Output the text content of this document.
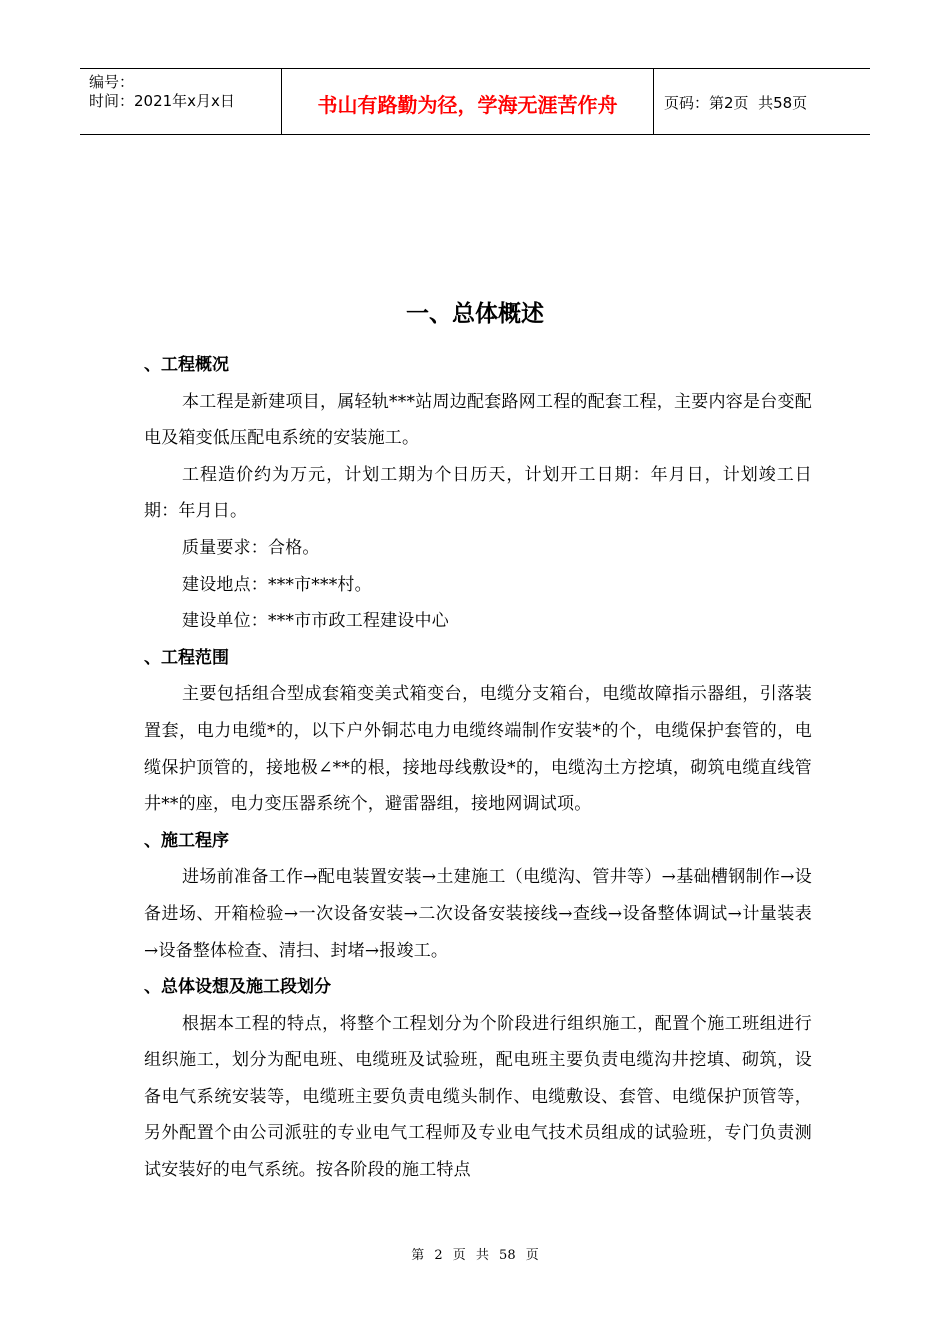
编号：
时间：2021年x月x日	书山有路勤为径，学海无涯苦作舟	页码：第2页  共58页
一、总体概述

、工程概况

本工程是新建项目，属轻轨***站周边配套路网工程的配套工程，主要内容是台变配电及箱变低压配电系统的安装施工。

工程造价约为万元，计划工期为个日历天，计划开工日期：年月日，计划竣工日期：年月日。

质量要求：合格。

建设地点：***市***村。

建设单位：***市市政工程建设中心

、工程范围

主要包括组合型成套箱变美式箱变台，电缆分支箱台，电缆故障指示器组，引落装置套，电力电缆*的，以下户外铜芯电力电缆终端制作安装*的个，电缆保护套管的，电缆保护顶管的，接地极∠**的根，接地母线敷设*的，电缆沟土方挖填，砌筑电缆直线管井**的座，电力变压器系统个，避雷器组，接地网调试项。

、施工程序

进场前准备工作→配电装置安装→土建施工（电缆沟、管井等）→基础槽钢制作→设备进场、开箱检验→一次设备安装→二次设备安装接线→查线→设备整体调试→计量装表→设备整体检查、清扫、封堵→报竣工。

、总体设想及施工段划分

根据本工程的特点，将整个工程划分为个阶段进行组织施工，配置个施工班组进行组织施工，划分为配电班、电缆班及试验班，配电班主要负责电缆沟井挖填、砌筑，设备电气系统安装等，电缆班主要负责电缆头制作、电缆敷设、套管、电缆保护顶管等，另外配置个由公司派驻的专业电气工程师及专业电气技术员组成的试验班，专门负责测试安装好的电气系统。按各阶段的施工特点

第 2 页 共 58 页
